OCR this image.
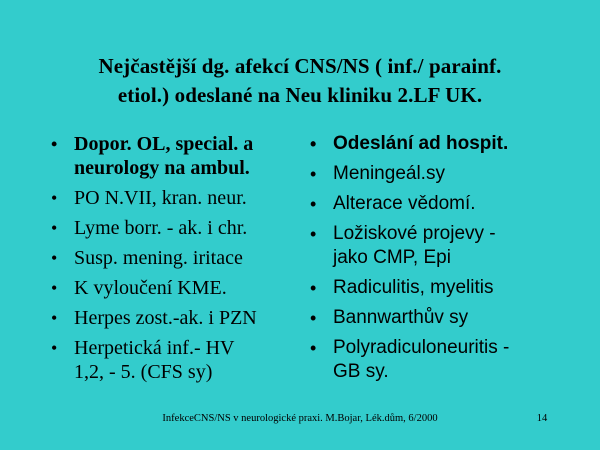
Nejčastější dg. afekcí CNS/NS ( inf./ parainf.
etiol.) odeslané na Neu kliniku 2.LF UK.
• Dopor. OL, special. a
neurology na ambul.
• PO N.VII, kran. neur.
• Lyme borr. - ak. i chr.
• Susp. mening. iritace
• K vyloučení KME.
• Herpes zost.-ak. i PZN
• Herpetická inf.- HV
1,2, - 5. (CFS sy)
• Odeslání ad hospit.
• Meningeál.sy
• Alterace vědomí.
• Ložiskové projevy -
jako CMP, Epi
• Radiculitis, myelitis
• Bannwarthův sy
• Polyradiculoneuritis -
GB sy.
InfekceCNS/NS v neurologické praxi. M.Bojar, Lék.dům, 6/2000	14
